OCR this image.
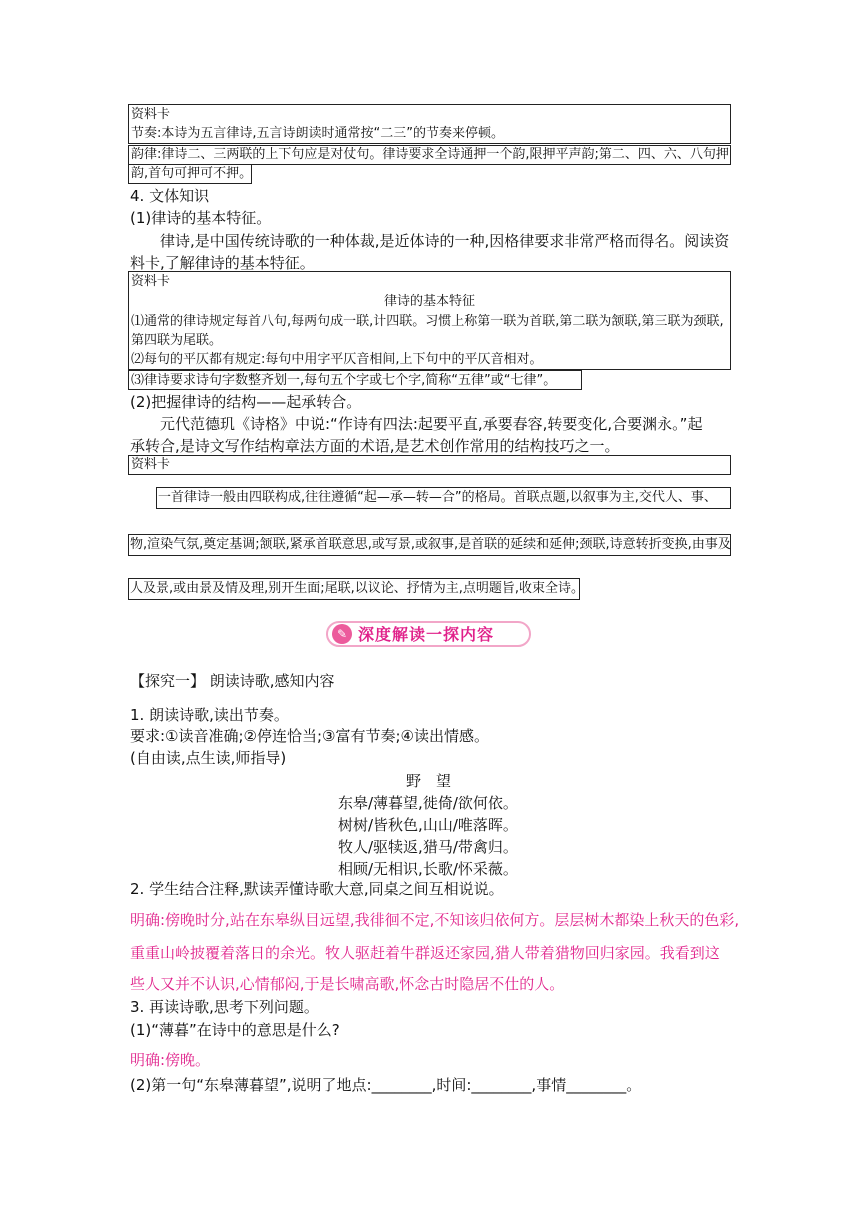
资料卡
节奏:本诗为五言律诗,五言诗朗读时通常按“二三”的节奏来停顿。
韵律:律诗二、三两联的上下句应是对仗句。律诗要求全诗通押一个韵,限押平声韵;第二、四、六、八句押
韵,首句可押可不押。
4. 文体知识
(1)律诗的基本特征。
律诗,是中国传统诗歌的一种体裁,是近体诗的一种,因格律要求非常严格而得名。阅读资
料卡,了解律诗的基本特征。
资料卡
律诗的基本特征
⑴通常的律诗规定每首八句,每两句成一联,计四联。习惯上称第一联为首联,第二联为颔联,第三联为颈联,
第四联为尾联。
⑵每句的平仄都有规定:每句中用字平仄音相间,上下句中的平仄音相对。
⑶律诗要求诗句字数整齐划一,每句五个字或七个字,简称“五律”或“七律”。
(2)把握律诗的结构——起承转合。
元代范德玑《诗格》中说:“作诗有四法:起要平直,承要春容,转要变化,合要渊永。”起
承转合,是诗文写作结构章法方面的术语,是艺术创作常用的结构技巧之一。
资料卡
一首律诗一般由四联构成,往往遵循“起—承—转—合”的格局。首联点题,以叙事为主,交代人、事、
物,渲染气氛,奠定基调;颔联,紧承首联意思,或写景,或叙事,是首联的延续和延伸;颈联,诗意转折变换,由事及
人及景,或由景及情及理,别开生面;尾联,以议论、抒情为主,点明题旨,收束全诗。
✎ 深度解读一探内容
【探究一】 朗读诗歌,感知内容
1. 朗读诗歌,读出节奏。
要求:①读音准确;②停连恰当;③富有节奏;④读出情感。
(自由读,点生读,师指导)
野　望
东皋/薄暮望,徙倚/欲何依。
树树/皆秋色,山山/唯落晖。
牧人/驱犊返,猎马/带禽归。
相顾/无相识,长歌/怀采薇。
2. 学生结合注释,默读弄懂诗歌大意,同桌之间互相说说。
明确:傍晚时分,站在东皋纵目远望,我徘徊不定,不知该归依何方。层层树木都染上秋天的色彩,
重重山岭披覆着落日的余光。牧人驱赶着牛群返还家园,猎人带着猎物回归家园。我看到这
些人又并不认识,心情郁闷,于是长啸高歌,怀念古时隐居不仕的人。
3. 再读诗歌,思考下列问题。
(1)“薄暮”在诗中的意思是什么?
明确:傍晚。
(2)第一句“东皋薄暮望”,说明了地点:________,时间:________,事情________。
